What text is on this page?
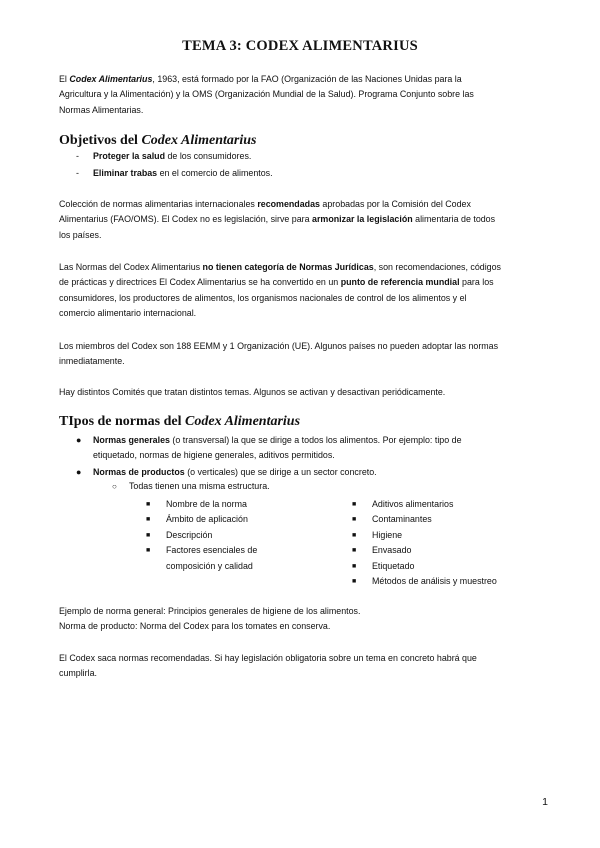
TEMA 3: CODEX ALIMENTARIUS

El Codex Alimentarius, 1963, está formado por la FAO (Organización de las Naciones Unidas para la
Agricultura y la Alimentación) y la OMS (Organización Mundial de la Salud). Programa Conjunto sobre las
Normas Alimentarias.

Objetivos del Codex Alimentarius
- Proteger la salud de los consumidores.
- Eliminar trabas en el comercio de alimentos.

Colección de normas alimentarias internacionales recomendadas aprobadas por la Comisión del Codex
Alimentarius (FAO/OMS). El Codex no es legislación, sirve para armonizar la legislación alimentaria de todos
los países.

Las Normas del Codex Alimentarius no tienen categoría de Normas Jurídicas, son recomendaciones, códigos
de prácticas y directrices El Codex Alimentarius se ha convertido en un punto de referencia mundial para los
consumidores, los productores de alimentos, los organismos nacionales de control de los alimentos y el
comercio alimentario internacional.

Los miembros del Codex son 188 EEMM y 1 Organización (UE). Algunos países no pueden adoptar las normas
inmediatamente.

Hay distintos Comités que tratan distintos temas. Algunos se activan y desactivan periódicamente.

TIpos de normas del Codex Alimentarius
● Normas generales (o transversal) la que se dirige a todos los alimentos. Por ejemplo: tipo de
etiquetado, normas de higiene generales, aditivos permitidos.
● Normas de productos (o verticales) que se dirige a un sector concreto.
○ Todas tienen una misma estructura.
■ Nombre de la norma
■ Ámbito de aplicación
■ Descripción
■ Factores esenciales de
composición y calidad
■ Aditivos alimentarios
■ Contaminantes
■ Higiene
■ Envasado
■ Etiquetado
■ Métodos de análisis y muestreo

Ejemplo de norma general: Principios generales de higiene de los alimentos.
Norma de producto: Norma del Codex para los tomates en conserva.

El Codex saca normas recomendadas. Si hay legislación obligatoria sobre un tema en concreto habrá que
cumplirla.

1
